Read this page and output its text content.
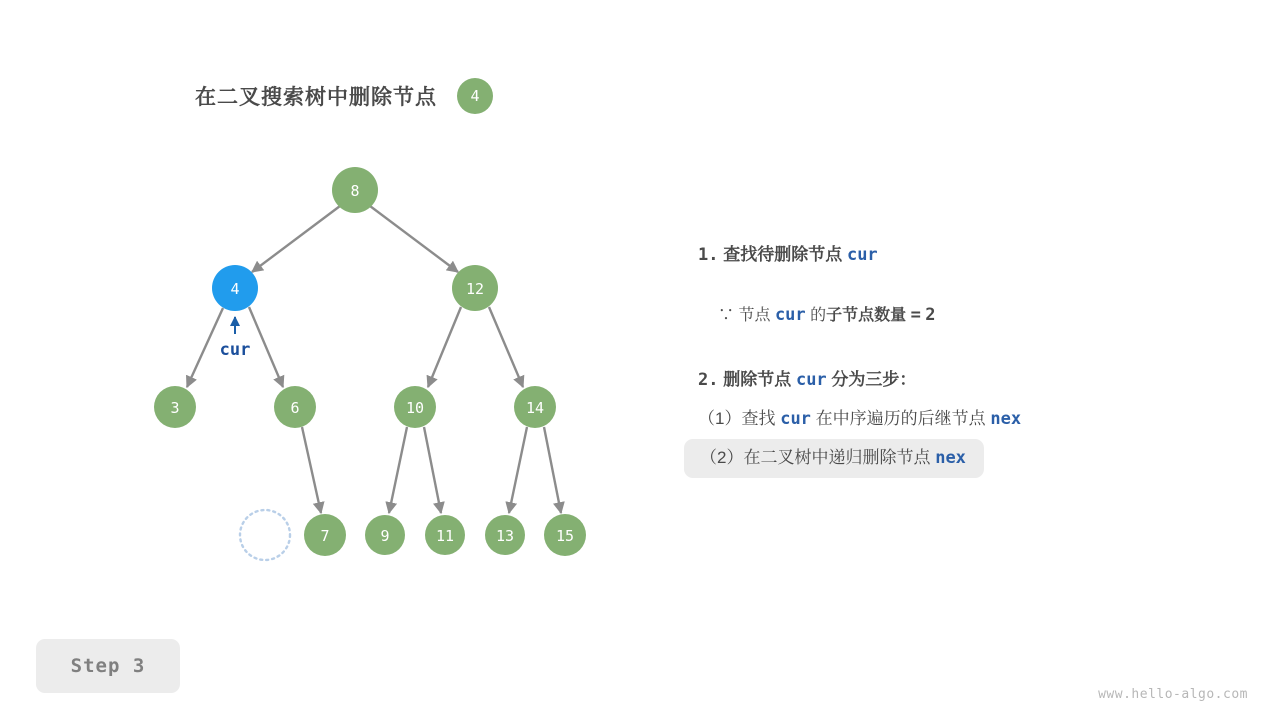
在二叉搜索树中删除节点 4
8
4	12
3	6	10	14
7	9	11	13	15
cur
1. 查找待删除节点 cur
∵ 节点 cur 的子节点数量 = 2
2. 删除节点 cur 分为三步：
（1）查找 cur 在中序遍历的后继节点 nex
（2）在二叉树中递归删除节点 nex
Step 3
www.hello-algo.com
